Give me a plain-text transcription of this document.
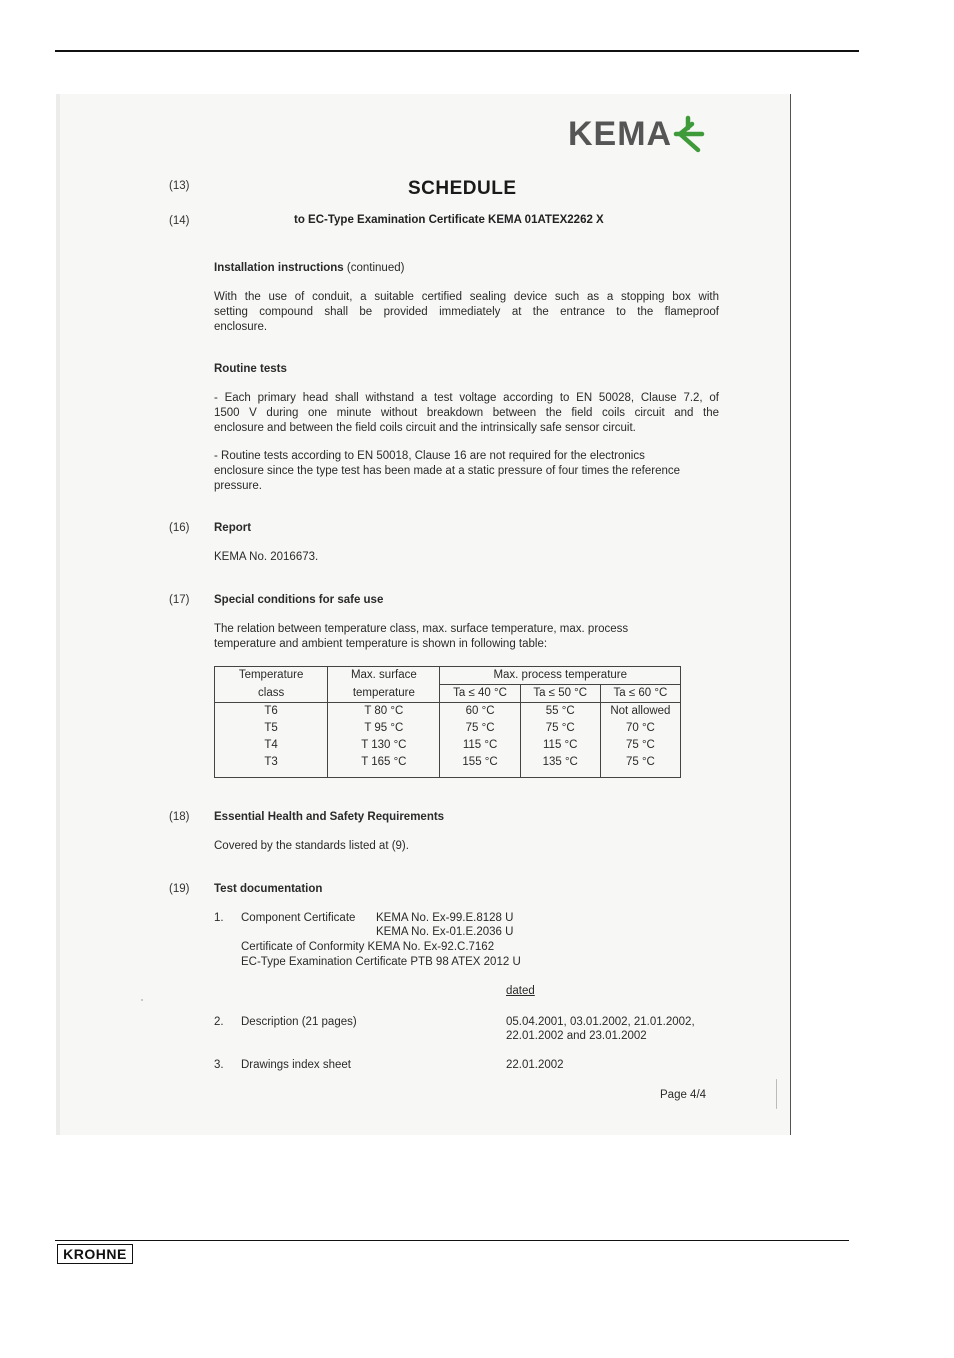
KEMA
(13)	SCHEDULE
(14)	to EC-Type Examination Certificate KEMA 01ATEX2262 X
Installation instructions (continued)
With the use of conduit, a suitable certified sealing device such as a stopping box with
setting compound shall be provided immediately at the entrance to the flameproof
enclosure.
Routine tests
- Each primary head shall withstand a test voltage according to EN 50028, Clause 7.2, of
1500 V during one minute without breakdown between the field coils circuit and the
enclosure and between the field coils circuit and the intrinsically safe sensor circuit.
- Routine tests according to EN 50018, Clause 16 are not required for the electronics
enclosure since the type test has been made at a static pressure of four times the reference
pressure.
(16) Report
KEMA No. 2016673.
(17) Special conditions for safe use
The relation between temperature class, max. surface temperature, max. process
temperature and ambient temperature is shown in following table:
Temperature	Max. surface	Max. process temperature		
class	temperature	Ta ≤ 40 °C	Ta ≤ 50 °C	Ta ≤ 60 °C
T6	T 80 °C	60 °C	55 °C	Not allowed
T5	T 95 °C	75 °C	75 °C	70 °C
T4	T 130 °C	115 °C	115 °C	75 °C
T3	T 165 °C	155 °C	135 °C	75 °C
(18) Essential Health and Safety Requirements
Covered by the standards listed at (9).
(19) Test documentation
1. Component Certificate KEMA No. Ex-99.E.8128 U
KEMA No. Ex-01.E.2036 U
Certificate of Conformity KEMA No. Ex-92.C.7162
EC-Type Examination Certificate PTB 98 ATEX 2012 U
dated
2. Description (21 pages)	05.04.2001, 03.01.2002, 21.01.2002,
22.01.2002 and 23.01.2002
3. Drawings index sheet	22.01.2002
Page 4/4
KROHNE
